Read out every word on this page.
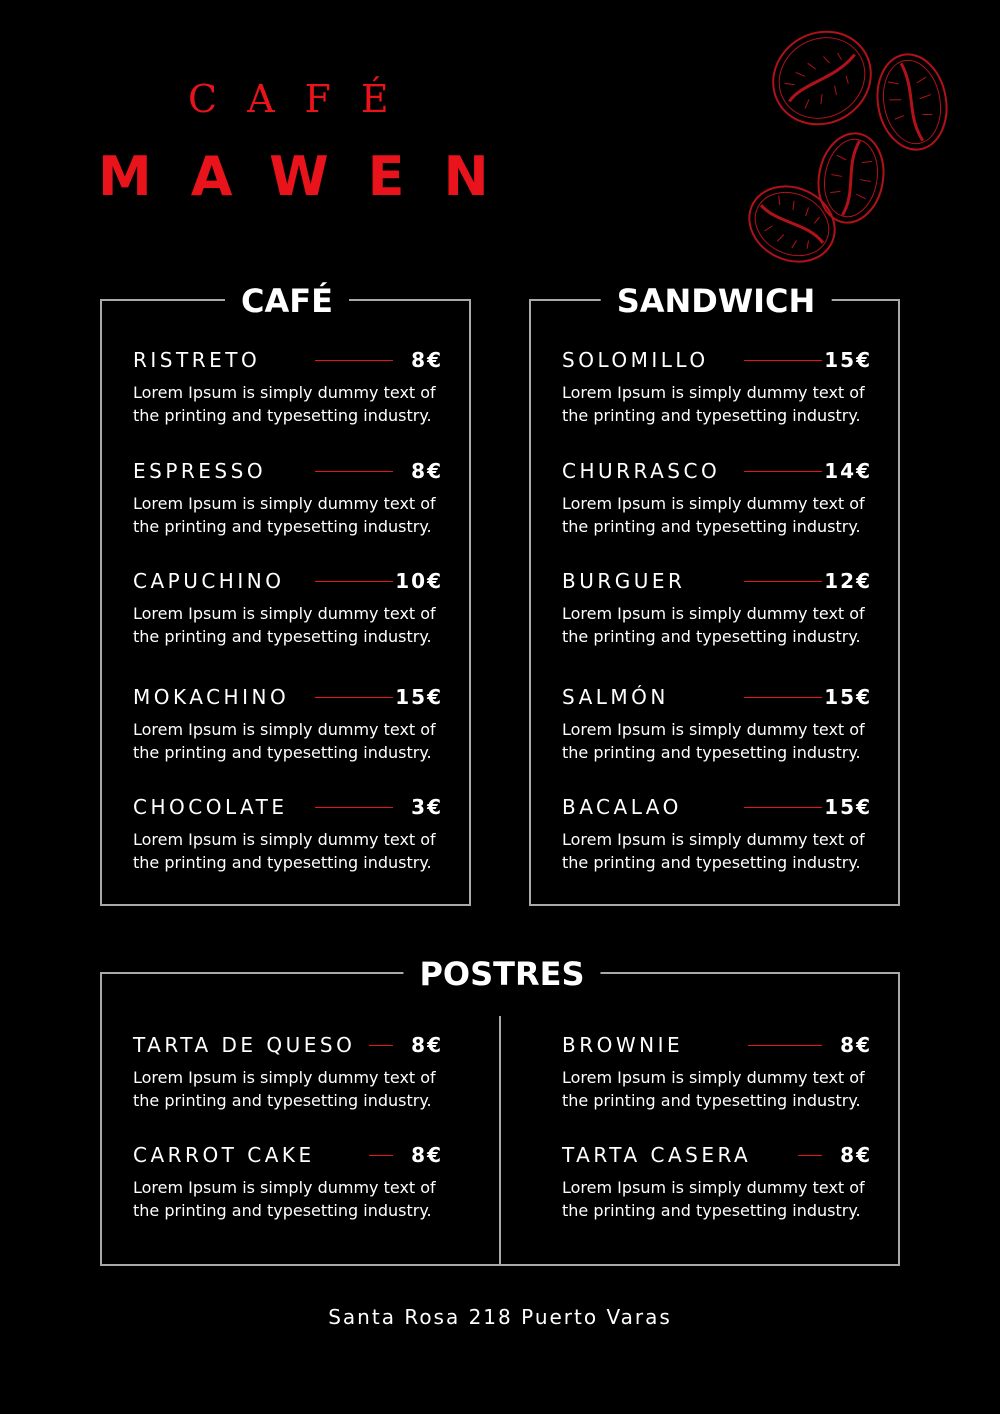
CAFÉ
MAWEN
CAFÉ
RISTRETO	8€
Lorem Ipsum is simply dummy text of the printing and typesetting industry.
ESPRESSO	8€
Lorem Ipsum is simply dummy text of the printing and typesetting industry.
CAPUCHINO	10€
Lorem Ipsum is simply dummy text of the printing and typesetting industry.
MOKACHINO	15€
Lorem Ipsum is simply dummy text of the printing and typesetting industry.
CHOCOLATE	3€
Lorem Ipsum is simply dummy text of the printing and typesetting industry.
SANDWICH
SOLOMILLO	15€
Lorem Ipsum is simply dummy text of the printing and typesetting industry.
CHURRASCO	14€
Lorem Ipsum is simply dummy text of the printing and typesetting industry.
BURGUER	12€
Lorem Ipsum is simply dummy text of the printing and typesetting industry.
SALMÓN	15€
Lorem Ipsum is simply dummy text of the printing and typesetting industry.
BACALAO	15€
Lorem Ipsum is simply dummy text of the printing and typesetting industry.
POSTRES
TARTA DE QUESO	8€
Lorem Ipsum is simply dummy text of the printing and typesetting industry.
CARROT CAKE	8€
Lorem Ipsum is simply dummy text of the printing and typesetting industry.
BROWNIE	8€
Lorem Ipsum is simply dummy text of the printing and typesetting industry.
TARTA CASERA	8€
Lorem Ipsum is simply dummy text of the printing and typesetting industry.
Santa Rosa 218 Puerto Varas
